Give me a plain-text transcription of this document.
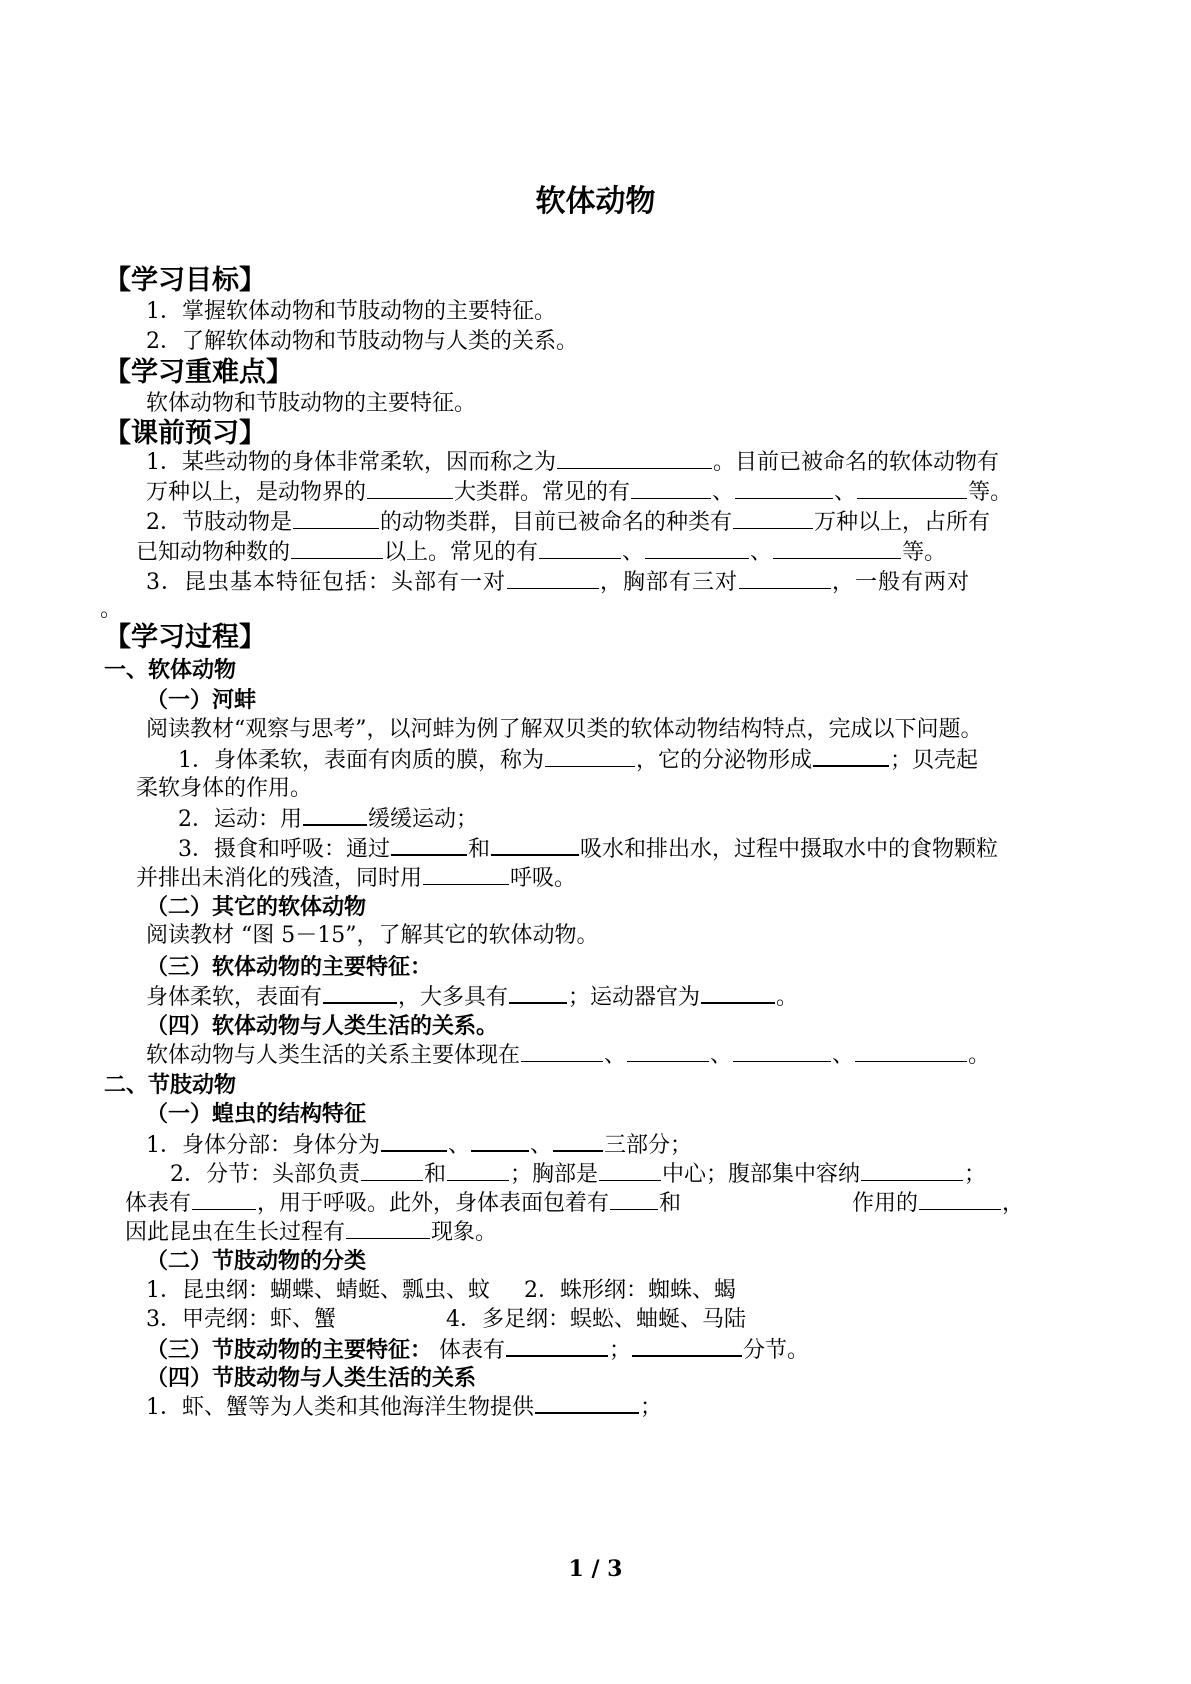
软体动物
【学习目标】
1．掌握软体动物和节肢动物的主要特征。
2．了解软体动物和节肢动物与人类的关系。
【学习重难点】
软体动物和节肢动物的主要特征。
【课前预习】
1．某些动物的身体非常柔软，因而称之为	。目前已被命名的软体动物有
万种以上，是动物界的	大类群。常见的有	、	、	等。
2．节肢动物是	的动物类群，目前已被命名的种类有	万种以上，占所有
已知动物种数的	以上。常见的有	、	、	等。
3．昆虫基本特征包括：头部有一对	，胸部有三对	，一般有两对
。
【学习过程】
一、软体动物
（一）河蚌
阅读教材“观察与思考”，以河蚌为例了解双贝类的软体动物结构特点，完成以下问题。
1．身体柔软，表面有肉质的膜，称为	，它的分泌物形成	；贝壳起
柔软身体的作用。
2．运动：用	缓缓运动；
3．摄食和呼吸：通过	和	吸水和排出水，过程中摄取水中的食物颗粒
并排出未消化的残渣，同时用	呼吸。
（二）其它的软体动物
阅读教材 “图 5－15”，了解其它的软体动物。
（三）软体动物的主要特征：
身体柔软，表面有	，大多具有	；运动器官为	。
（四）软体动物与人类生活的关系。
软体动物与人类生活的关系主要体现在	、	、	、	。
二、节肢动物
（一）蝗虫的结构特征
1．身体分部：身体分为	、	、 三部分；
2．分节：头部负责	和	；胸部是	中心；腹部集中容纳	；
体表有	，用于呼吸。此外，身体表面包着有 和	作用的	，
因此昆虫在生长过程有	现象。
（二）节肢动物的分类
1．昆虫纲：蝴蝶、蜻蜓、瓢虫、蚊 2．蛛形纲：蜘蛛、蝎
3．甲壳纲：虾、蟹	4．多足纲：蜈蚣、蚰蜒、马陆
（三）节肢动物的主要特征： 体表有	；	分节。
（四）节肢动物与人类生活的关系
1．虾、蟹等为人类和其他海洋生物提供	；
1 / 3
